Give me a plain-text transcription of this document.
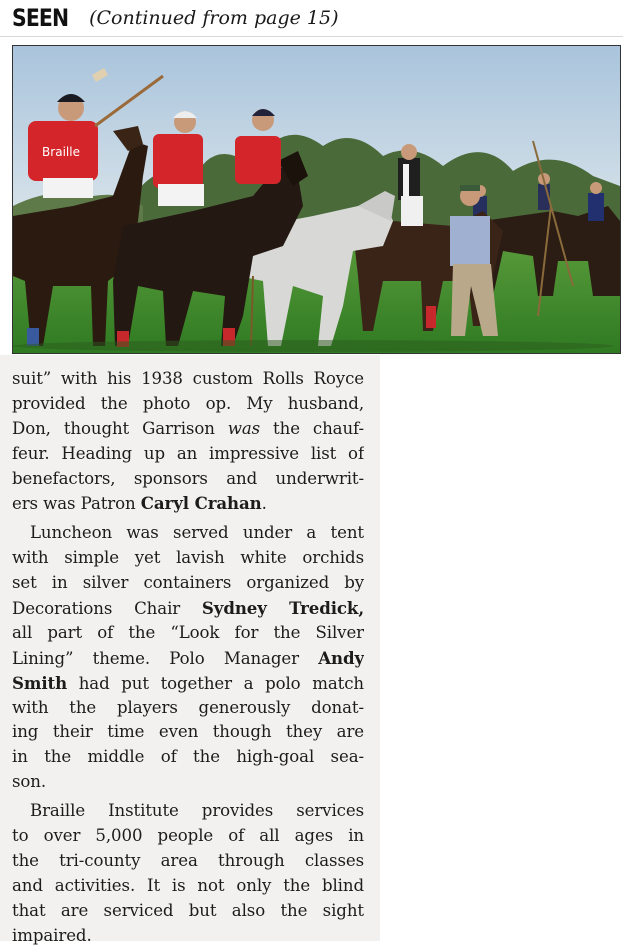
SEEN (Continued from page 15)
Braille
suit” with his 1938 custom Rolls Royce
provided the photo op. My husband,
Don, thought Garrison was the chauf-
feur. Heading up an impressive list of
benefactors, sponsors and underwrit-
ers was Patron Caryl Crahan.
Luncheon was served under a tent
with simple yet lavish white orchids
set in silver containers organized by
Decorations Chair Sydney Tredick,
all part of the “Look for the Silver
Lining” theme. Polo Manager Andy
Smith had put together a polo match
with the players generously donat-
ing their time even though they are
in the middle of the high-goal sea-
son.
Braille Institute provides services
to over 5,000 people of all ages in
the tri-county area through classes
and activities. It is not only the blind
that are serviced but also the sight
impaired.
